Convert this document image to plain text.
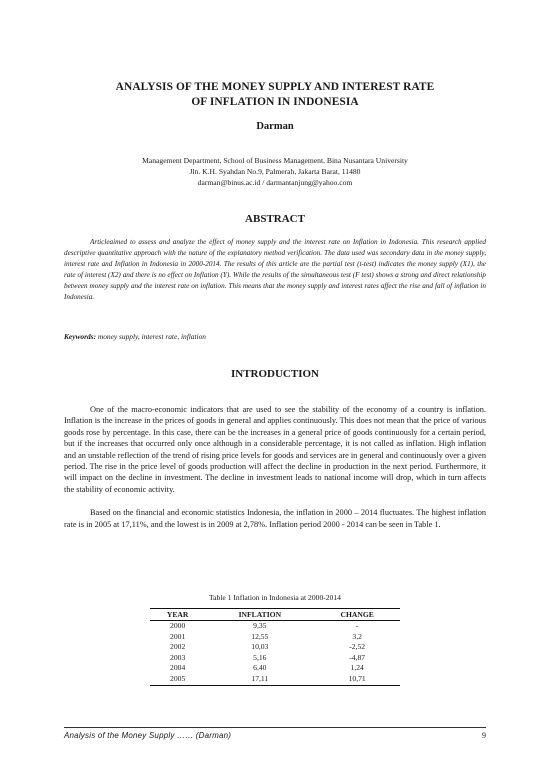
ANALYSIS OF THE MONEY SUPPLY AND INTEREST RATE
OF INFLATION IN INDONESIA
Darman
Management Department, School of Business Management, Bina Nusantara University
Jln. K.H. Syahdan No.9, Palmerah, Jakarta Barat, 11480
darman@binus.ac.id / darmantanjung@yahoo.com
ABSTRACT

Articleaimed to assess and analyze the effect of money supply and the interest rate on Inflation in Indonesia. This research applied descriptive quantitative approach with the nature of the explanatory method verification. The data used was secondary data in the money supply, interest rate and Inflation in Indonesia in 2000-2014. The results of this article are the partial test (t-test) indicates the money supply (X1), the rate of interest (X2) and there is no effect on Inflation (Y). While the results of the simultaneous test (F test) shows a strong and direct relationship between money supply and the interest rate on inflation. This means that the money supply and interest rates affect the rise and fall of inflation in Indonesia.

Keywords: money supply, interest rate, inflation
INTRODUCTION

One of the macro-economic indicators that are used to see the stability of the economy of a country is inflation. Inflation is the increase in the prices of goods in general and applies continuously. This does not mean that the price of various goods rose by percentage. In this case, there can be the increases in a general price of goods continuously for a certain period, but if the increases that occurred only once although in a considerable percentage, it is not called as inflation. High inflation and an unstable reflection of the trend of rising price levels for goods and services are in general and continuously over a given period. The rise in the price level of goods production will affect the decline in production in the next period. Furthermore, it will impact on the decline in investment. The decline in investment leads to national income will drop, which in turn affects the stability of economic activity.

Based on the financial and economic statistics Indonesia, the inflation in 2000 – 2014 fluctuates. The highest inflation rate is in 2005 at 17,11%, and the lowest is in 2009 at 2,78%. Inflation period 2000 - 2014 can be seen in Table 1.

Table 1 Inflation in Indonesia at 2000-2014
YEAR	INFLATION	CHANGE
2000	9,35	-
2001	12,55	3,2
2002	10,03	-2,52
2003	5,16	-4,87
2004	6,40	1,24
2005	17,11	10,71
Analysis of the Money Supply …… (Darman)	9
